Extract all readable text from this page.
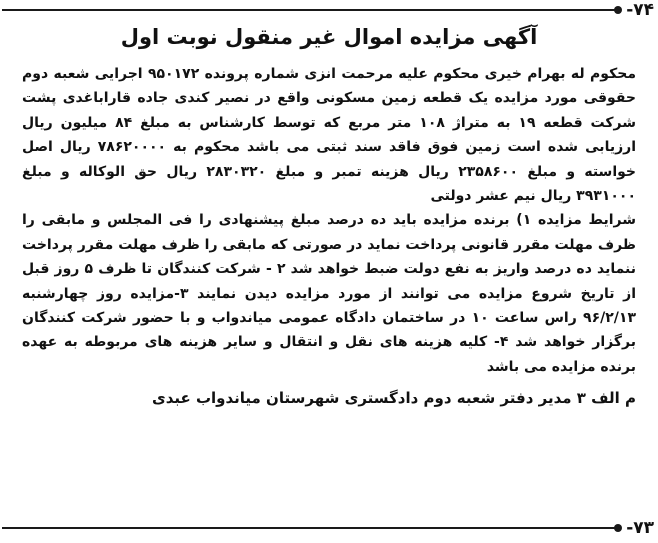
-۷۴
آگهی مزایده اموال غیر منقول نوبت اول

محکوم له بهرام خیری محکوم علیه مرحمت انزی شماره پرونده ۹۵۰۱۷۲ اجرایی شعبه دوم حقوقی مورد مزایده یک قطعه زمین مسکونی واقع در نصیر کندی جاده قاراباغدی پشت شرکت قطعه ۱۹ به متراژ ۱۰۸ متر مربع که توسط کارشناس به مبلغ ۸۴ میلیون ریال ارزیابی شده است زمین فوق فاقد سند ثبتی می باشد محکوم به ۷۸۶۲۰۰۰۰ ریال اصل خواسته و مبلغ ۲۳۵۸۶۰۰ ریال هزینه تمبر و مبلغ ۲۸۳۰۳۲۰ ریال حق الوکاله و مبلغ ۳۹۳۱۰۰۰ ریال نیم عشر دولتی

شرایط مزایده ۱) برنده مزایده باید ده درصد مبلغ پیشنهادی را فی المجلس و مابقی را ظرف مهلت مقرر قانونی پرداخت نماید در صورتی که مابقی را ظرف مهلت مقرر پرداخت ننماید ده درصد واریز به نفع دولت ضبط خواهد شد ۲ - شرکت کنندگان تا ظرف ۵ روز قبل از تاریخ شروع مزایده می توانند از مورد مزایده دیدن نمایند ۳-مزایده روز چهارشنبه ۹۶/۲/۱۳ راس ساعت ۱۰ در ساختمان دادگاه عمومی میاندواب و با حضور شرکت کنندگان برگزار خواهد شد ۴- کلیه هزینه های نقل و انتقال و سایر هزینه های مربوطه به عهده برنده مزایده می باشد

م الف ۳ مدیر دفتر شعبه دوم دادگستری شهرستان میاندواب عبدی
-۷۳
